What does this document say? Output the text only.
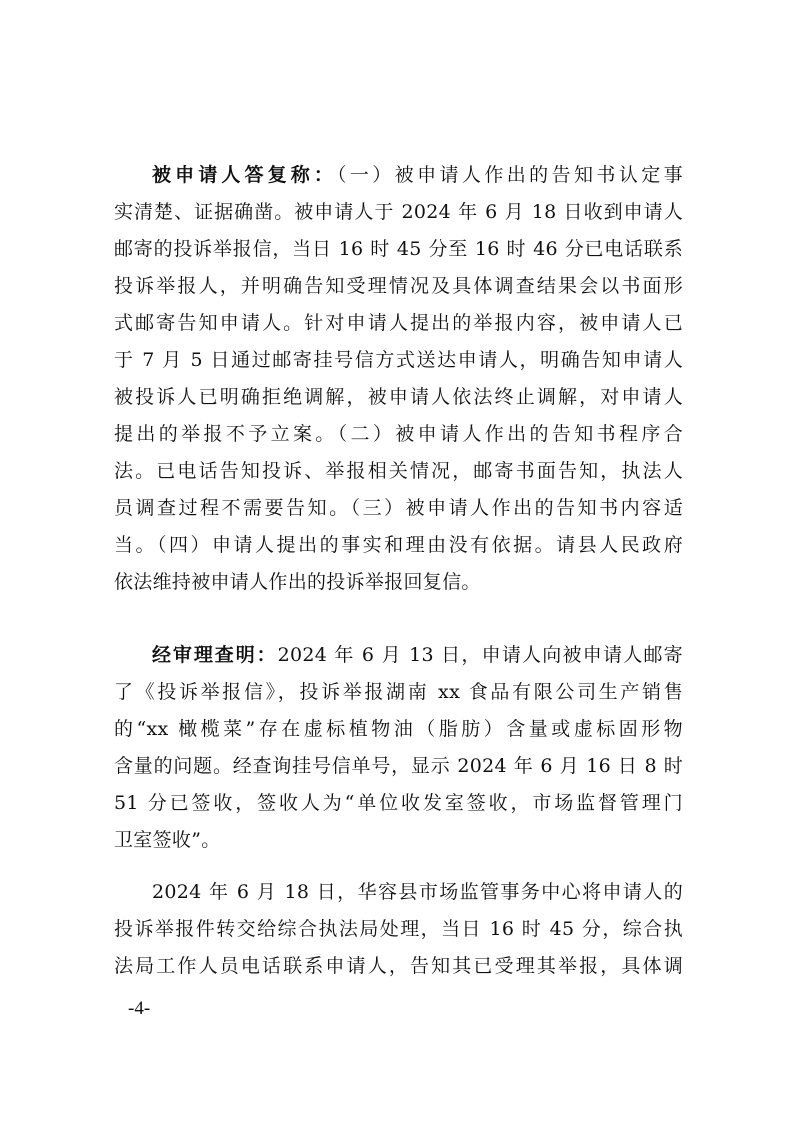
被申请人答复称：（一）被申请人作出的告知书认定事
实清楚、证据确凿。被申请人于 2024 年 6 月 18 日收到申请人
邮寄的投诉举报信，当日 16 时 45 分至 16 时 46 分已电话联系
投诉举报人，并明确告知受理情况及具体调查结果会以书面形
式邮寄告知申请人。针对申请人提出的举报内容，被申请人已
于 7 月 5 日通过邮寄挂号信方式送达申请人，明确告知申请人
被投诉人已明确拒绝调解，被申请人依法终止调解，对申请人
提出的举报不予立案。（二）被申请人作出的告知书程序合
法。已电话告知投诉、举报相关情况，邮寄书面告知，执法人
员调查过程不需要告知。（三）被申请人作出的告知书内容适
当。（四）申请人提出的事实和理由没有依据。请县人民政府
依法维持被申请人作出的投诉举报回复信。
经审理查明：2024 年 6 月 13 日，申请人向被申请人邮寄
了《投诉举报信》，投诉举报湖南 xx 食品有限公司生产销售
的“xx 橄榄菜”存在虚标植物油（脂肪）含量或虚标固形物
含量的问题。经查询挂号信单号，显示 2024 年 6 月 16 日 8 时
51 分已签收，签收人为“单位收发室签收，市场监督管理门
卫室签收”。
2024 年 6 月 18 日，华容县市场监管事务中心将申请人的
投诉举报件转交给综合执法局处理，当日 16 时 45 分，综合执
法局工作人员电话联系申请人，告知其已受理其举报，具体调
-4-
